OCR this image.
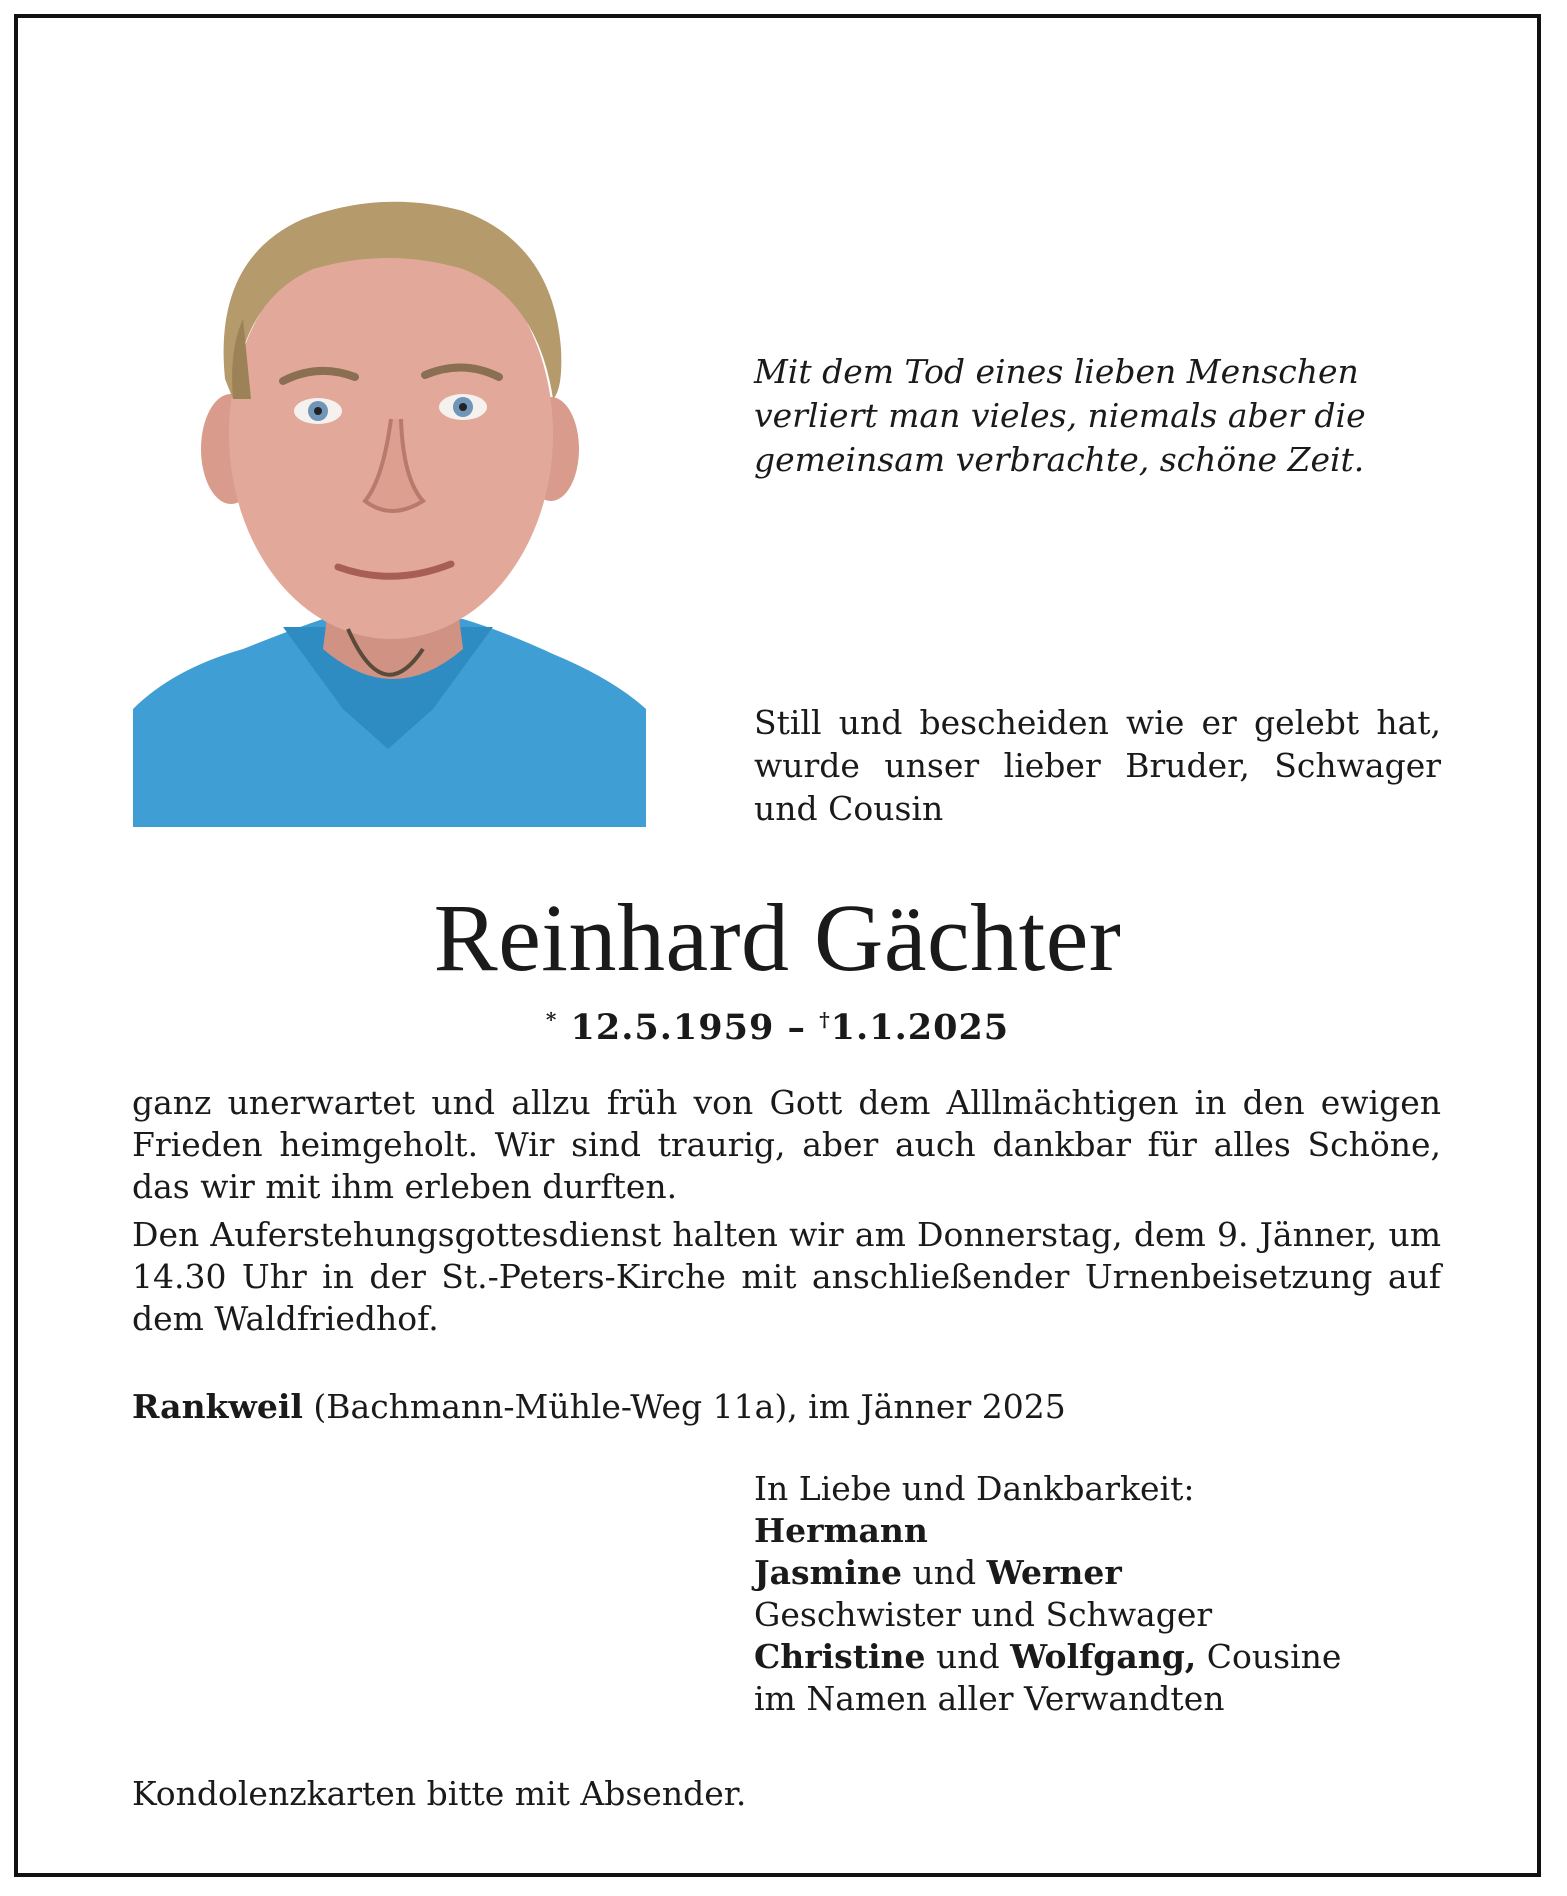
Mit dem Tod eines lieben Menschen
verliert man vieles, niemals aber die
gemeinsam verbrachte, schöne Zeit.
Still und bescheiden wie er gelebt hat, wurde unser lieber Bruder, Schwager und Cousin
Reinhard Gächter
* 12.5.1959 – †1.1.2025

ganz unerwartet und allzu früh von Gott dem Alllmächtigen in den ewigen Frieden heimgeholt. Wir sind traurig, aber auch dankbar für alles Schöne, das wir mit ihm erleben durften.

Den Auferstehungsgottesdienst halten wir am Donnerstag, dem 9. Jänner, um 14.30 Uhr in der St.-Peters-Kirche mit anschließender Urnenbeisetzung auf dem Waldfriedhof.

Rankweil (Bachmann-Mühle-Weg 11a), im Jänner 2025
In Liebe und Dankbarkeit:
Hermann
Jasmine und Werner
Geschwister und Schwager
Christine und Wolfgang, Cousine
im Namen aller Verwandten
Kondolenzkarten bitte mit Absender.
